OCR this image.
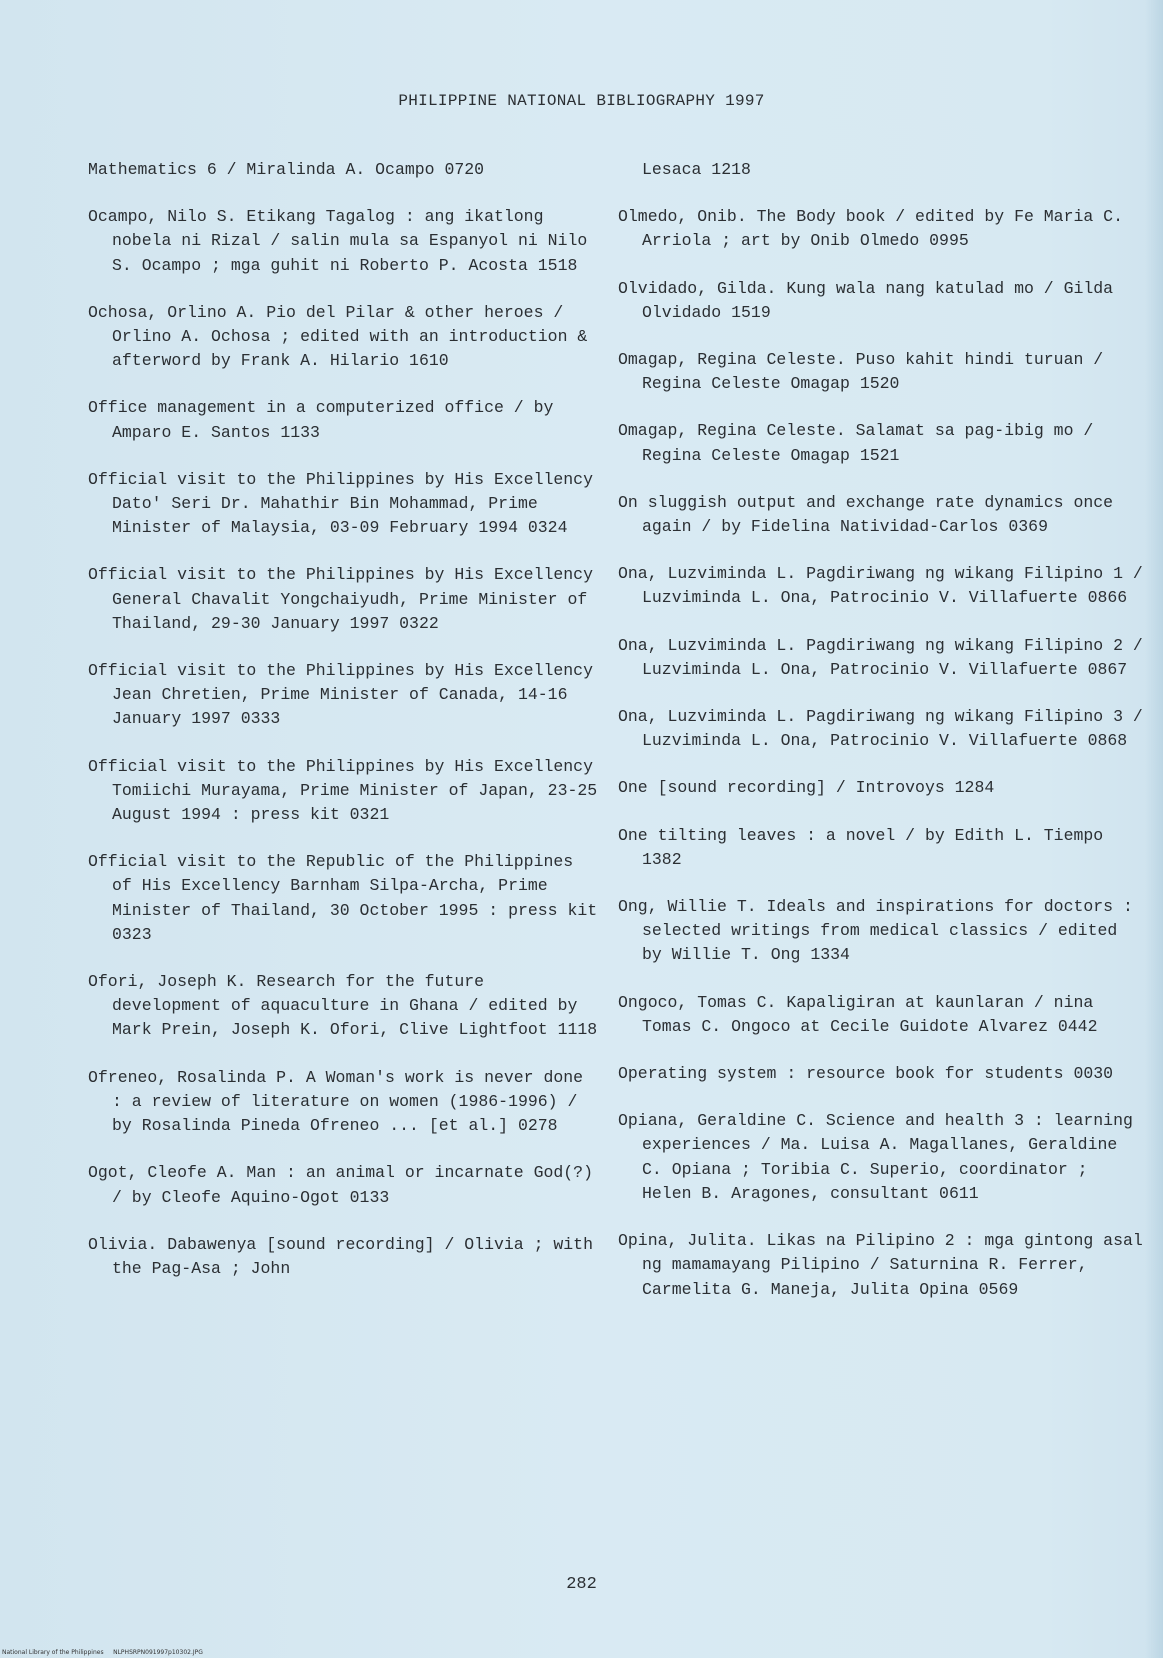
PHILIPPINE NATIONAL BIBLIOGRAPHY 1997
Mathematics 6 / Miralinda A. Ocampo 0720
Ocampo, Nilo S. Etikang Tagalog : ang ikatlong nobela ni Rizal / salin mula sa Espanyol ni Nilo S. Ocampo ; mga guhit ni Roberto P. Acosta 1518
Ochosa, Orlino A. Pio del Pilar & other heroes / Orlino A. Ochosa ; edited with an introduction & afterword by Frank A. Hilario 1610
Office management in a computerized office / by Amparo E. Santos 1133
Official visit to the Philippines by His Excellency Dato' Seri Dr. Mahathir Bin Mohammad, Prime Minister of Malaysia, 03-09 February 1994 0324
Official visit to the Philippines by His Excellency General Chavalit Yongchaiyudh, Prime Minister of Thailand, 29-30 January 1997 0322
Official visit to the Philippines by His Excellency Jean Chretien, Prime Minister of Canada, 14-16 January 1997 0333
Official visit to the Philippines by His Excellency Tomiichi Murayama, Prime Minister of Japan, 23-25 August 1994 : press kit 0321
Official visit to the Republic of the Philippines of His Excellency Barnham Silpa-Archa, Prime Minister of Thailand, 30 October 1995 : press kit 0323
Ofori, Joseph K. Research for the future development of aquaculture in Ghana / edited by Mark Prein, Joseph K. Ofori, Clive Lightfoot 1118
Ofreneo, Rosalinda P. A Woman's work is never done : a review of literature on women (1986-1996) / by Rosalinda Pineda Ofreneo ... [et al.] 0278
Ogot, Cleofe A. Man : an animal or incarnate God(?) / by Cleofe Aquino-Ogot 0133
Olivia. Dabawenya [sound recording] / Olivia ; with the Pag-Asa ; John
Lesaca 1218
Olmedo, Onib. The Body book / edited by Fe Maria C. Arriola ; art by Onib Olmedo 0995
Olvidado, Gilda. Kung wala nang katulad mo / Gilda Olvidado 1519
Omagap, Regina Celeste. Puso kahit hindi turuan / Regina Celeste Omagap 1520
Omagap, Regina Celeste. Salamat sa pag-ibig mo / Regina Celeste Omagap 1521
On sluggish output and exchange rate dynamics once again / by Fidelina Natividad-Carlos 0369
Ona, Luzviminda L. Pagdiriwang ng wikang Filipino 1 / Luzviminda L. Ona, Patrocinio V. Villafuerte 0866
Ona, Luzviminda L. Pagdiriwang ng wikang Filipino 2 / Luzviminda L. Ona, Patrocinio V. Villafuerte 0867
Ona, Luzviminda L. Pagdiriwang ng wikang Filipino 3 / Luzviminda L. Ona, Patrocinio V. Villafuerte 0868
One [sound recording] / Introvoys 1284
One tilting leaves : a novel / by Edith L. Tiempo 1382
Ong, Willie T. Ideals and inspirations for doctors : selected writings from medical classics / edited by Willie T. Ong 1334
Ongoco, Tomas C. Kapaligiran at kaunlaran / nina Tomas C. Ongoco at Cecile Guidote Alvarez 0442
Operating system : resource book for students 0030
Opiana, Geraldine C. Science and health 3 : learning experiences / Ma. Luisa A. Magallanes, Geraldine C. Opiana ; Toribia C. Superio, coordinator ; Helen B. Aragones, consultant 0611
Opina, Julita. Likas na Pilipino 2 : mga gintong asal ng mamamayang Pilipino / Saturnina R. Ferrer, Carmelita G. Maneja, Julita Opina 0569
282
National Library of the Philippines     NLPHSRPN091997p10302.JPG
